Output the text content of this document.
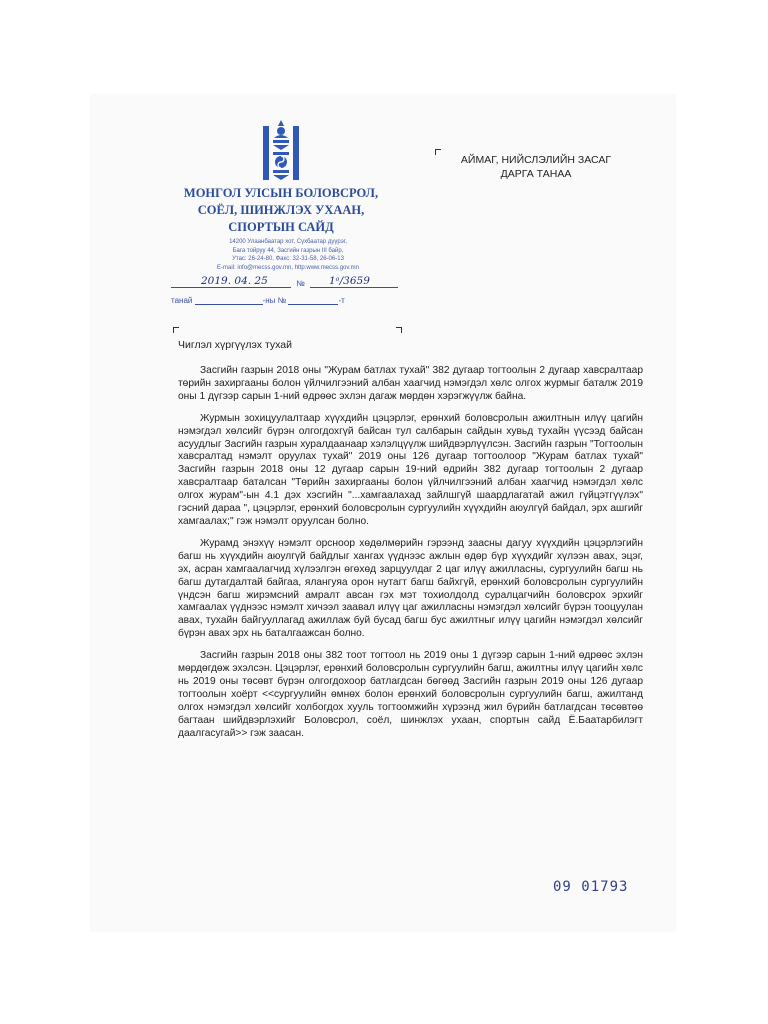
МОНГОЛ УЛСЫН БОЛОВСРОЛ,
СОЁЛ, ШИНЖЛЭХ УХААН,
СПОРТЫН САЙД
14200 Улаанбаатар хот, Сүхбаатар дүүрэг,
Бага тойруу 44, Засгийн газрын III байр,
Утас: 26-24-80, Факс: 32-31-58, 26-06-13
E-mail: info@mecss.gov.mn, http:www.mecss.gov.mn
№
2019. 04. 25	1ᵃ/3659
танай	-ны №	-т
АЙМАГ, НИЙСЛЭЛИЙН ЗАСАГ
ДАРГА ТАНАА
Чиглэл хүргүүлэх тухай

Засгийн газрын 2018 оны "Журам батлах тухай" 382 дугаар тогтоолын 2 дугаар хавсралтаар төрийн захиргааны болон үйлчилгээний албан хаагчид нэмэгдэл хөлс олгох журмыг баталж 2019 оны 1 дүгээр сарын 1-ний өдрөөс эхлэн дагаж мөрдөн хэрэгжүүлж байна.

Журмын зохицуулалтаар хүүхдийн цэцэрлэг, ерөнхий боловсролын ажилтнын илүү цагийн нэмэгдэл хөлсийг бүрэн олгогдохгүй байсан тул салбарын сайдын хувьд тухайн үүсээд байсан асуудлыг Засгийн газрын хуралдаанаар хэлэлцүүлж шийдвэрлүүлсэн. Засгийн газрын "Тогтоолын хавсралтад нэмэлт оруулах тухай" 2019 оны 126 дугаар тогтоолоор "Журам батлах тухай" Засгийн газрын 2018 оны 12 дугаар сарын 19-ний өдрийн 382 дугаар тогтоолын 2 дугаар хавсралтаар баталсан "Төрийн захиргааны болон үйлчилгээний албан хаагчид нэмэгдэл хөлс олгох журам"-ын 4.1 дэх хэсгийн "...хамгаалахад зайлшгүй шаардлагатай ажил гүйцэтгүүлэх" гэсний дараа ", цэцэрлэг, ерөнхий боловсролын сургуулийн хүүхдийн аюулгүй байдал, эрх ашгийг хамгаалах;" гэж нэмэлт оруулсан болно.

Журамд энэхүү нэмэлт орсноор хөдөлмөрийн гэрээнд заасны дагуу хүүхдийн цэцэрлэгийн багш нь хүүхдийн аюулгүй байдлыг хангах үүднээс ажлын өдөр бүр хүүхдийг хүлээн авах, эцэг, эх, асран хамгаалагчид хүлээлгэн өгөхөд зарцуулдаг 2 цаг илүү ажилласны, сургуулийн багш нь багш дутагдалтай байгаа, ялангуяа орон нутагт багш байхгүй, ерөнхий боловсролын сургуулийн үндсэн багш жирэмсний амралт авсан гэх мэт тохиолдолд суралцагчийн боловсрох эрхийг хамгаалах үүднээс нэмэлт хичээл заавал илүү цаг ажилласны нэмэгдэл хөлсийг бүрэн тооцуулан авах, тухайн байгууллагад ажиллаж буй бусад багш бус ажилтныг илүү цагийн нэмэгдэл хөлсийг бүрэн авах эрх нь баталгаажсан болно.

Засгийн газрын 2018 оны 382 тоот тогтоол нь 2019 оны 1 дүгээр сарын 1-ний өдрөөс эхлэн мөрдөгдөж эхэлсэн. Цэцэрлэг, ерөнхий боловсролын сургуулийн багш, ажилтны илүү цагийн хөлс нь 2019 оны төсөвт бүрэн олгогдохоор батлагдсан бөгөөд Засгийн газрын 2019 оны 126 дугаар тогтоолын хоёрт <<сургуулийн өмнөх болон ерөнхий боловсролын сургуулийн багш, ажилтанд олгох нэмэгдэл хөлсийг холбогдох хууль тогтоомжийн хүрээнд жил бүрийн батлагдсан төсөвтөө багтаан шийдвэрлэхийг Боловсрол, соёл, шинжлэх ухаан, спортын сайд Ё.Баатарбилэгт даалгасугай>> гэж заасан.

09 01793
